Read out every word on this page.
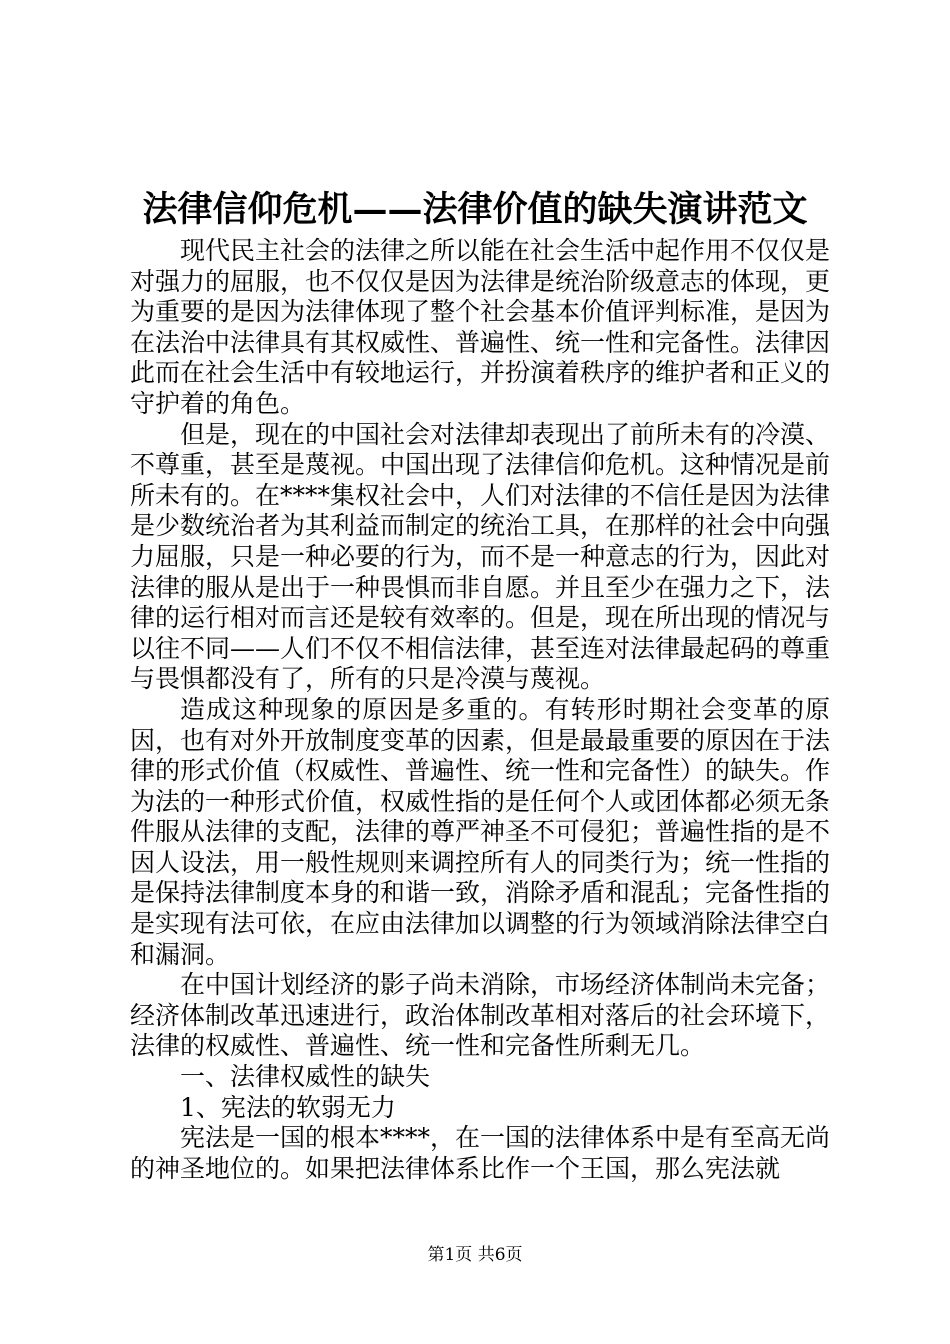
法律信仰危机——法律价值的缺失演讲范文

现代民主社会的法律之所以能在社会生活中起作用不仅仅是对强力的屈服，也不仅仅是因为法律是统治阶级意志的体现，更为重要的是因为法律体现了整个社会基本价值评判标准，是因为在法治中法律具有其权威性、普遍性、统一性和完备性。法律因此而在社会生活中有较地运行，并扮演着秩序的维护者和正义的守护着的角色。

但是，现在的中国社会对法律却表现出了前所未有的冷漠、不尊重，甚至是蔑视。中国出现了法律信仰危机。这种情况是前所未有的。在****集权社会中，人们对法律的不信任是因为法律是少数统治者为其利益而制定的统治工具，在那样的社会中向强力屈服，只是一种必要的行为，而不是一种意志的行为，因此对法律的服从是出于一种畏惧而非自愿。并且至少在强力之下，法律的运行相对而言还是较有效率的。但是，现在所出现的情况与以往不同——人们不仅不相信法律，甚至连对法律最起码的尊重与畏惧都没有了，所有的只是冷漠与蔑视。

造成这种现象的原因是多重的。有转形时期社会变革的原因，也有对外开放制度变革的因素，但是最最重要的原因在于法律的形式价值（权威性、普遍性、统一性和完备性）的缺失。作为法的一种形式价值，权威性指的是任何个人或团体都必须无条件服从法律的支配，法律的尊严神圣不可侵犯；普遍性指的是不因人设法，用一般性规则来调控所有人的同类行为；统一性指的是保持法律制度本身的和谐一致，消除矛盾和混乱；完备性指的是实现有法可依，在应由法律加以调整的行为领域消除法律空白和漏洞。

在中国计划经济的影子尚未消除，市场经济体制尚未完备；经济体制改革迅速进行，政治体制改革相对落后的社会环境下，法律的权威性、普遍性、统一性和完备性所剩无几。

一、法律权威性的缺失

1、宪法的软弱无力

宪法是一国的根本****，在一国的法律体系中是有至高无尚的神圣地位的。如果把法律体系比作一个王国，那么宪法就

第1页 共6页
